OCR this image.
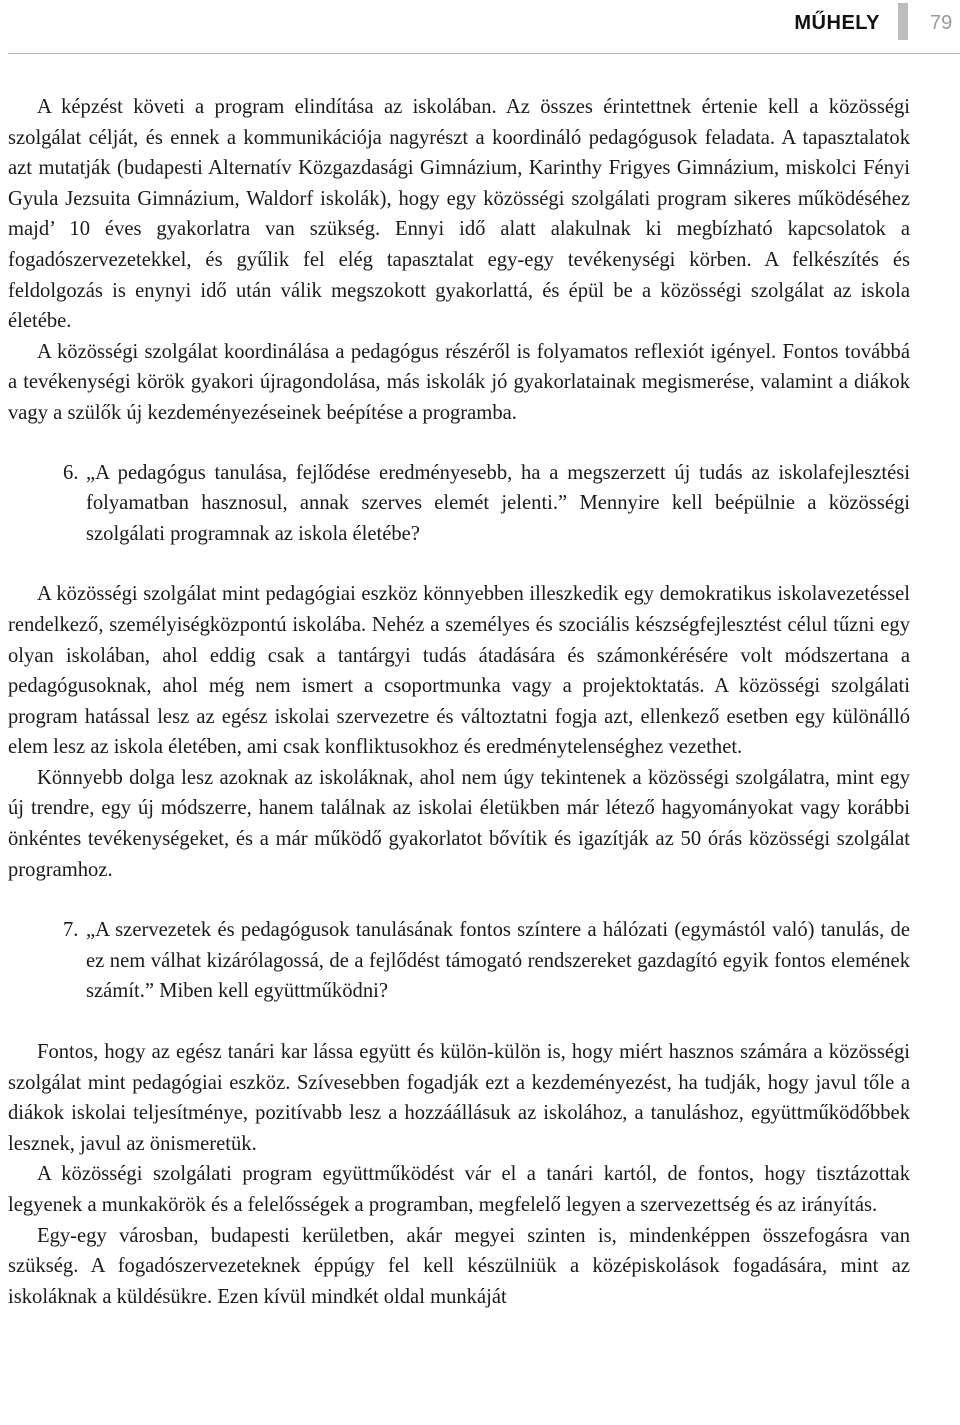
MŰHELY	79

A képzést követi a program elindítása az iskolában. Az összes érintettnek értenie kell a közösségi szolgálat célját, és ennek a kommunikációja nagyrészt a koordináló pedagógusok feladata. A tapasztalatok azt mutatják (budapesti Alternatív Közgazdasági Gimnázium, Karinthy Frigyes Gimnázium, miskolci Fényi Gyula Jezsuita Gimnázium, Waldorf iskolák), hogy egy közösségi szolgálati program sikeres működéséhez majd’ 10 éves gyakorlatra van szükség. Ennyi idő alatt alakulnak ki megbízható kapcsolatok a fogadószervezetekkel, és gyűlik fel elég tapasztalat egy-egy tevékenységi körben. A felkészítés és feldolgozás is enynyi idő után válik megszokott gyakorlattá, és épül be a közösségi szolgálat az iskola életébe.

A közösségi szolgálat koordinálása a pedagógus részéről is folyamatos reflexiót igényel. Fontos továbbá a tevékenységi körök gyakori újragondolása, más iskolák jó gyakorlatainak megismerése, valamint a diákok vagy a szülők új kezdeményezéseinek beépítése a programba.

6. „A pedagógus tanulása, fejlődése eredményesebb, ha a megszerzett új tudás az iskolafejlesztési folyamatban hasznosul, annak szerves elemét jelenti.” Mennyire kell beépülnie a közösségi szolgálati programnak az iskola életébe?

A közösségi szolgálat mint pedagógiai eszköz könnyebben illeszkedik egy demokratikus iskolavezetéssel rendelkező, személyiségközpontú iskolába. Nehéz a személyes és szociális készségfejlesztést célul tűzni egy olyan iskolában, ahol eddig csak a tantárgyi tudás átadására és számonkérésére volt módszertana a pedagógusoknak, ahol még nem ismert a csoportmunka vagy a projektoktatás. A közösségi szolgálati program hatással lesz az egész iskolai szervezetre és változtatni fogja azt, ellenkező esetben egy különálló elem lesz az iskola életében, ami csak konfliktusokhoz és eredménytelenséghez vezethet.

Könnyebb dolga lesz azoknak az iskoláknak, ahol nem úgy tekintenek a közösségi szolgálatra, mint egy új trendre, egy új módszerre, hanem találnak az iskolai életükben már létező hagyományokat vagy korábbi önkéntes tevékenységeket, és a már működő gyakorlatot bővítik és igazítják az 50 órás közösségi szolgálat programhoz.

7. „A szervezetek és pedagógusok tanulásának fontos színtere a hálózati (egymástól való) tanulás, de ez nem válhat kizárólagossá, de a fejlődést támogató rendszereket gazdagító egyik fontos elemének számít.” Miben kell együttműködni?

Fontos, hogy az egész tanári kar lássa együtt és külön-külön is, hogy miért hasznos számára a közösségi szolgálat mint pedagógiai eszköz. Szívesebben fogadják ezt a kezdeményezést, ha tudják, hogy javul tőle a diákok iskolai teljesítménye, pozitívabb lesz a hozzáállásuk az iskolához, a tanuláshoz, együttműködőbbek lesznek, javul az önismeretük.

A közösségi szolgálati program együttműködést vár el a tanári kartól, de fontos, hogy tisztázottak legyenek a munkakörök és a felelősségek a programban, megfelelő legyen a szervezettség és az irányítás.

Egy-egy városban, budapesti kerületben, akár megyei szinten is, mindenképpen összefogásra van szükség. A fogadószervezeteknek éppúgy fel kell készülniük a középiskolások fogadására, mint az iskoláknak a küldésükre. Ezen kívül mindkét oldal munkáját
